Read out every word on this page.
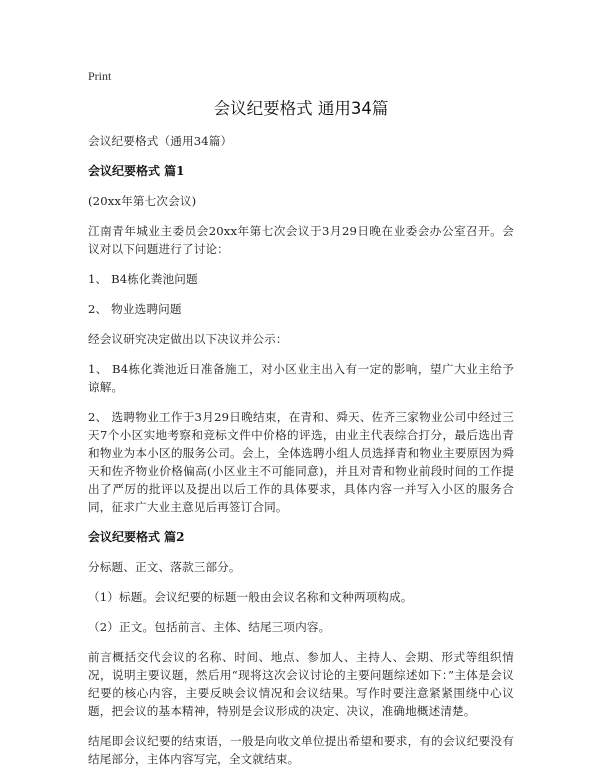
Print
会议纪要格式 通用34篇

会议纪要格式（通用34篇）

会议纪要格式 篇1

(20xx年第七次会议)

江南青年城业主委员会20xx年第七次会议于3月29日晚在业委会办公室召开。会议对以下问题进行了讨论：

1、 B4栋化粪池问题

2、 物业选聘问题

经会议研究决定做出以下决议并公示：

1、 B4栋化粪池近日准备施工，对小区业主出入有一定的影响，望广大业主给予谅解。

2、 选聘物业工作于3月29日晚结束，在青和、舜天、佐齐三家物业公司中经过三天7个小区实地考察和竞标文件中价格的评选，由业主代表综合打分，最后选出青和物业为本小区的服务公司。会上，全体选聘小组人员选择青和物业主要原因为舜天和佐齐物业价格偏高(小区业主不可能同意)，并且对青和物业前段时间的工作提出了严厉的批评以及提出以后工作的具体要求，具体内容一并写入小区的服务合同，征求广大业主意见后再签订合同。

会议纪要格式 篇2

分标题、正文、落款三部分。

（1）标题。会议纪要的标题一般由会议名称和文种两项构成。

（2）正文。包括前言、主体、结尾三项内容。

前言概括交代会议的名称、时间、地点、参加人、主持人、会期、形式等组织情况，说明主要议题，然后用“现将这次会议讨论的主要问题综述如下：”主体是会议纪要的核心内容，主要反映会议情况和会议结果。写作时要注意紧紧围绕中心议题，把会议的基本精神，特别是会议形成的决定、决议，准确地概述清楚。

结尾即会议纪要的结束语，一般是向收文单位提出希望和要求，有的会议纪要没有结尾部分，主体内容写完，全文就结束。
